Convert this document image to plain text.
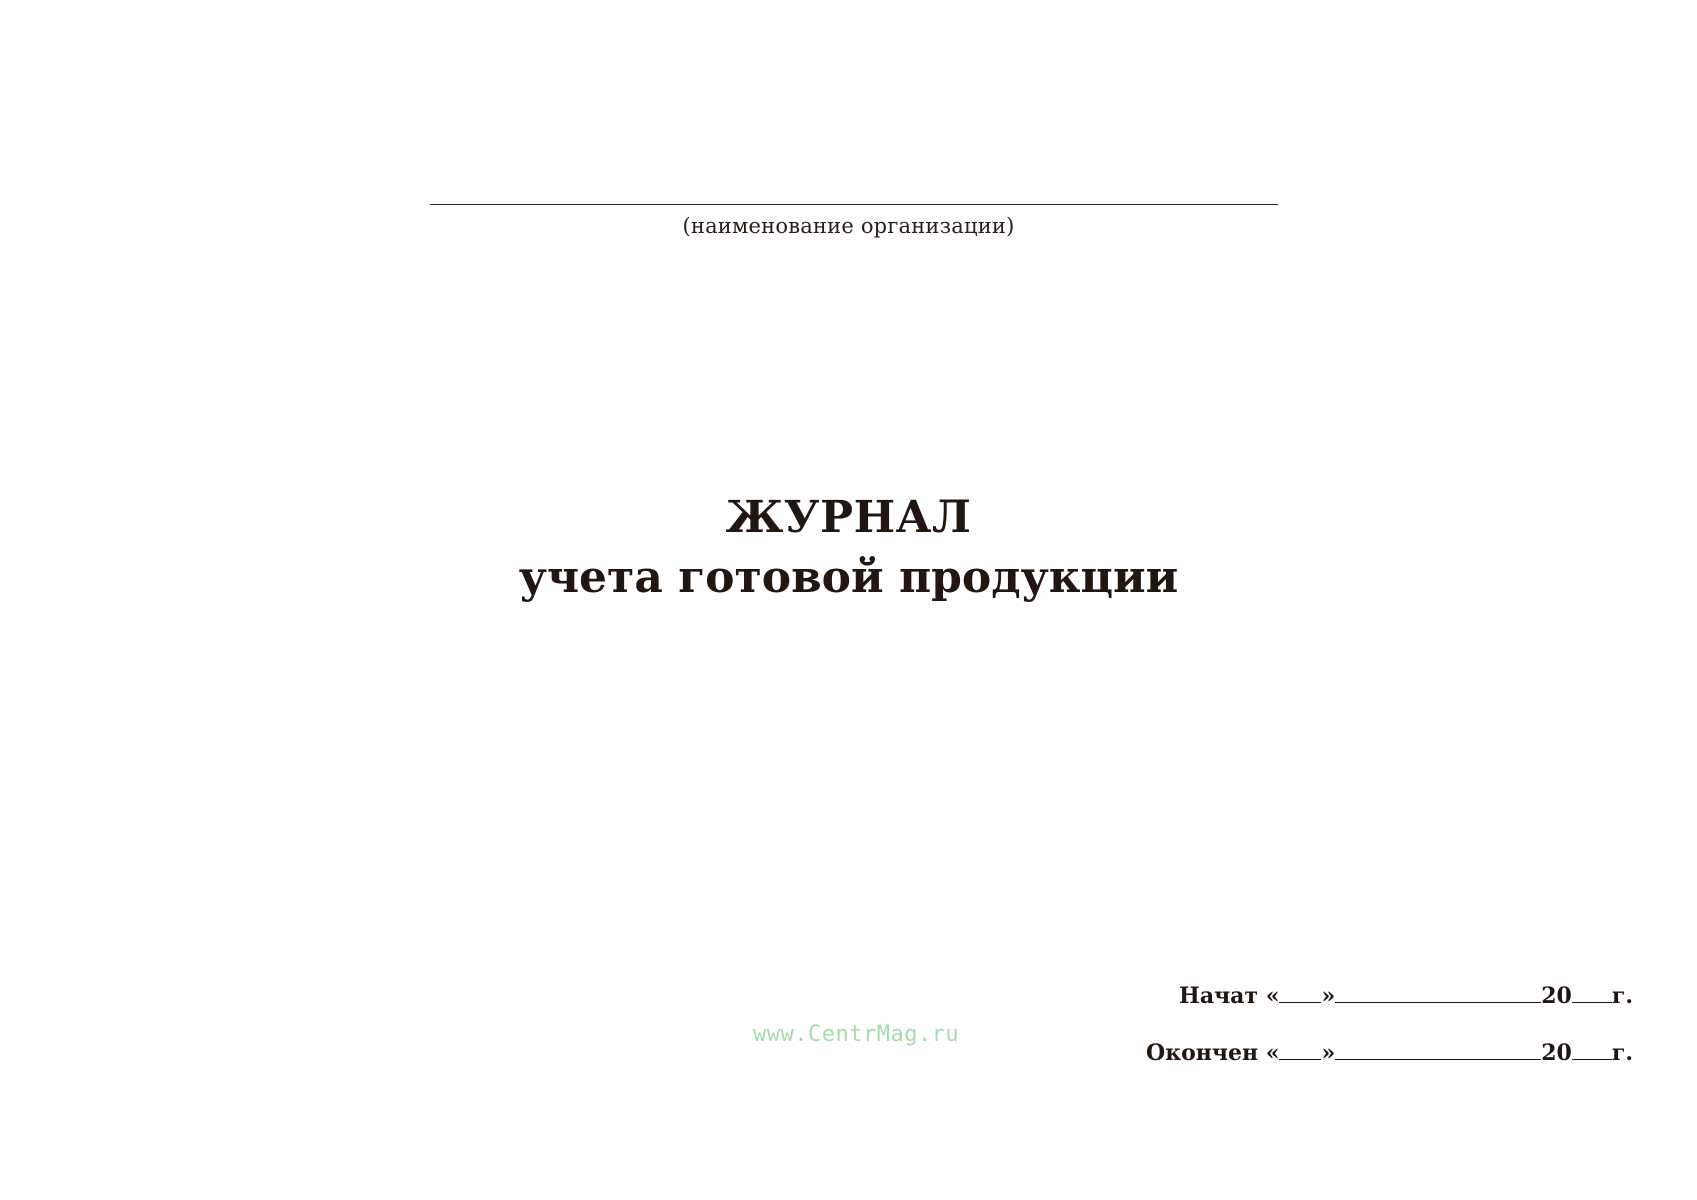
(наименование организации)
ЖУРНАЛ
учета готовой продукции
www.CentrMag.ru
Начат « »	20 г.
Окончен « »	20 г.
